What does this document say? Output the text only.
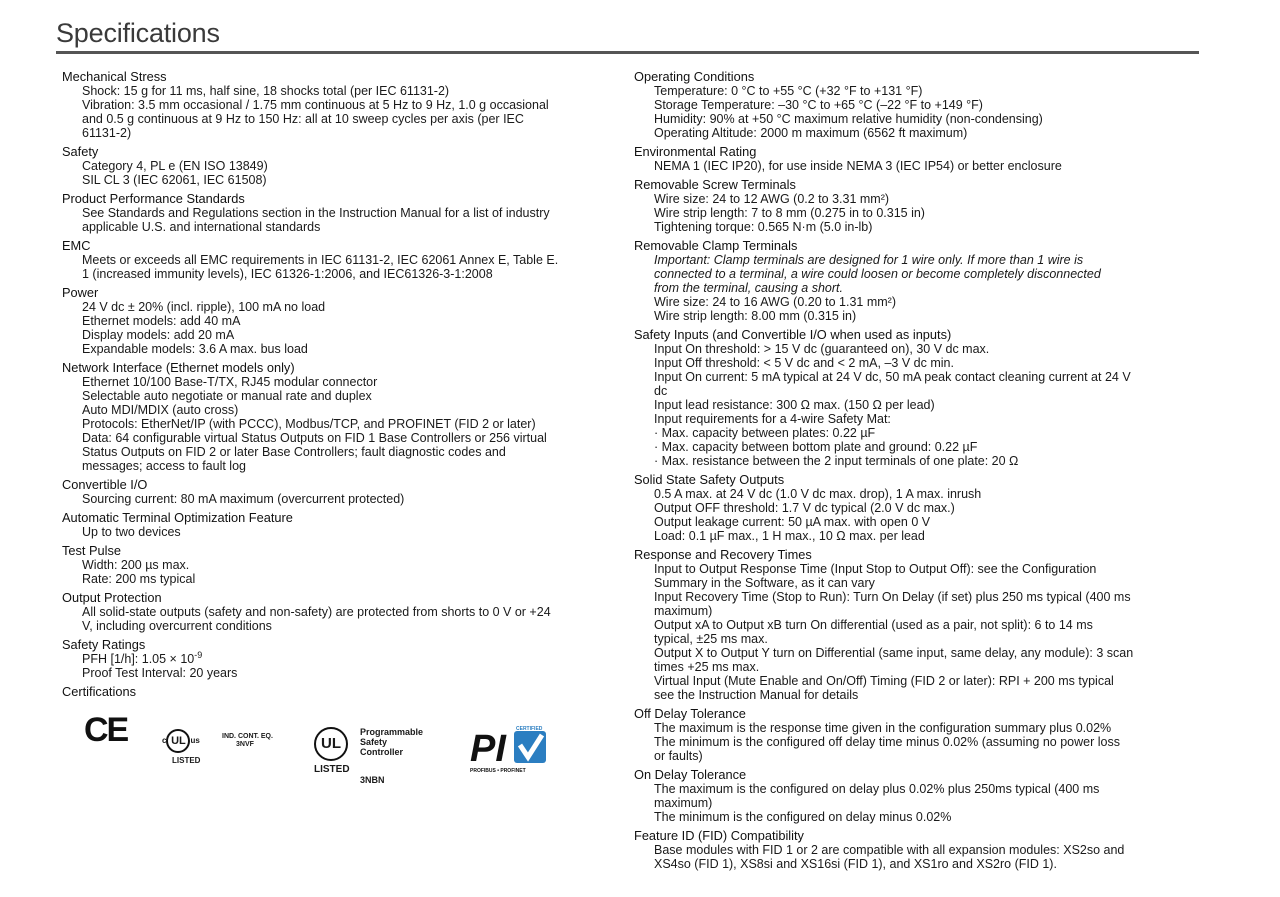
Specifications
Mechanical Stress
Shock: 15 g for 11 ms, half sine, 18 shocks total (per IEC 61131-2)
Vibration: 3.5 mm occasional / 1.75 mm continuous at 5 Hz to 9 Hz, 1.0 g occasional
and 0.5 g continuous at 9 Hz to 150 Hz: all at 10 sweep cycles per axis (per IEC
61131-2)
Safety
Category 4, PL e (EN ISO 13849)
SIL CL 3 (IEC 62061, IEC 61508)
Product Performance Standards
See Standards and Regulations section in the Instruction Manual for a list of industry
applicable U.S. and international standards
EMC
Meets or exceeds all EMC requirements in IEC 61131-2, IEC 62061 Annex E, Table E.
1 (increased immunity levels), IEC 61326-1:2006, and IEC61326-3-1:2008
Power
24 V dc ± 20% (incl. ripple), 100 mA no load
Ethernet models: add 40 mA
Display models: add 20 mA
Expandable models: 3.6 A max. bus load
Network Interface (Ethernet models only)
Ethernet 10/100 Base-T/TX, RJ45 modular connector
Selectable auto negotiate or manual rate and duplex
Auto MDI/MDIX (auto cross)
Protocols: EtherNet/IP (with PCCC), Modbus/TCP, and PROFINET (FID 2 or later)
Data: 64 configurable virtual Status Outputs on FID 1 Base Controllers or 256 virtual
Status Outputs on FID 2 or later Base Controllers; fault diagnostic codes and
messages; access to fault log
Convertible I/O
Sourcing current: 80 mA maximum (overcurrent protected)
Automatic Terminal Optimization Feature
Up to two devices
Test Pulse
Width: 200 µs max.
Rate: 200 ms typical
Output Protection
All solid-state outputs (safety and non-safety) are protected from shorts to 0 V or +24
V, including overcurrent conditions
Safety Ratings
PFH [1/h]: $1.05 \times 10^{-9}$
Proof Test Interval: 20 years
Certifications
CE	c UL us
LISTED
IND. CONT. EQ.
3NVF	UL
LISTED
Programmable
Safety
Controller
3NBN
PI CERTIFIED
PROFIBUS • PROFINET
Operating Conditions
Temperature: 0 °C to +55 °C (+32 °F to +131 °F)
Storage Temperature: –30 °C to +65 °C (–22 °F to +149 °F)
Humidity: 90% at +50 °C maximum relative humidity (non-condensing)
Operating Altitude: 2000 m maximum (6562 ft maximum)
Environmental Rating
NEMA 1 (IEC IP20), for use inside NEMA 3 (IEC IP54) or better enclosure
Removable Screw Terminals
Wire size: 24 to 12 AWG (0.2 to 3.31 mm²)
Wire strip length: 7 to 8 mm (0.275 in to 0.315 in)
Tightening torque: 0.565 N·m (5.0 in-lb)
Removable Clamp Terminals
Important: Clamp terminals are designed for 1 wire only. If more than 1 wire is
connected to a terminal, a wire could loosen or become completely disconnected
from the terminal, causing a short.
Wire size: 24 to 16 AWG (0.20 to 1.31 mm²)
Wire strip length: 8.00 mm (0.315 in)
Safety Inputs (and Convertible I/O when used as inputs)
Input On threshold: > 15 V dc (guaranteed on), 30 V dc max.
Input Off threshold: < 5 V dc and < 2 mA, –3 V dc min.
Input On current: 5 mA typical at 24 V dc, 50 mA peak contact cleaning current at 24 V
dc
Input lead resistance: 300 Ω max. (150 Ω per lead)
Input requirements for a 4-wire Safety Mat:
· Max. capacity between plates: 0.22 µF
· Max. capacity between bottom plate and ground: 0.22 µF
· Max. resistance between the 2 input terminals of one plate: 20 Ω
Solid State Safety Outputs
0.5 A max. at 24 V dc (1.0 V dc max. drop), 1 A max. inrush
Output OFF threshold: 1.7 V dc typical (2.0 V dc max.)
Output leakage current: 50 µA max. with open 0 V
Load: 0.1 µF max., 1 H max., 10 Ω max. per lead
Response and Recovery Times
Input to Output Response Time (Input Stop to Output Off): see the Configuration
Summary in the Software, as it can vary
Input Recovery Time (Stop to Run): Turn On Delay (if set) plus 250 ms typical (400 ms
maximum)
Output xA to Output xB turn On differential (used as a pair, not split): 6 to 14 ms
typical, ±25 ms max.
Output X to Output Y turn on Differential (same input, same delay, any module): 3 scan
times +25 ms max.
Virtual Input (Mute Enable and On/Off) Timing (FID 2 or later): RPI + 200 ms typical
see the Instruction Manual for details
Off Delay Tolerance
The maximum is the response time given in the configuration summary plus 0.02%
The minimum is the configured off delay time minus 0.02% (assuming no power loss
or faults)
On Delay Tolerance
The maximum is the configured on delay plus 0.02% plus 250ms typical (400 ms
maximum)
The minimum is the configured on delay minus 0.02%
Feature ID (FID) Compatibility
Base modules with FID 1 or 2 are compatible with all expansion modules: XS2so and
XS4so (FID 1), XS8si and XS16si (FID 1), and XS1ro and XS2ro (FID 1).
